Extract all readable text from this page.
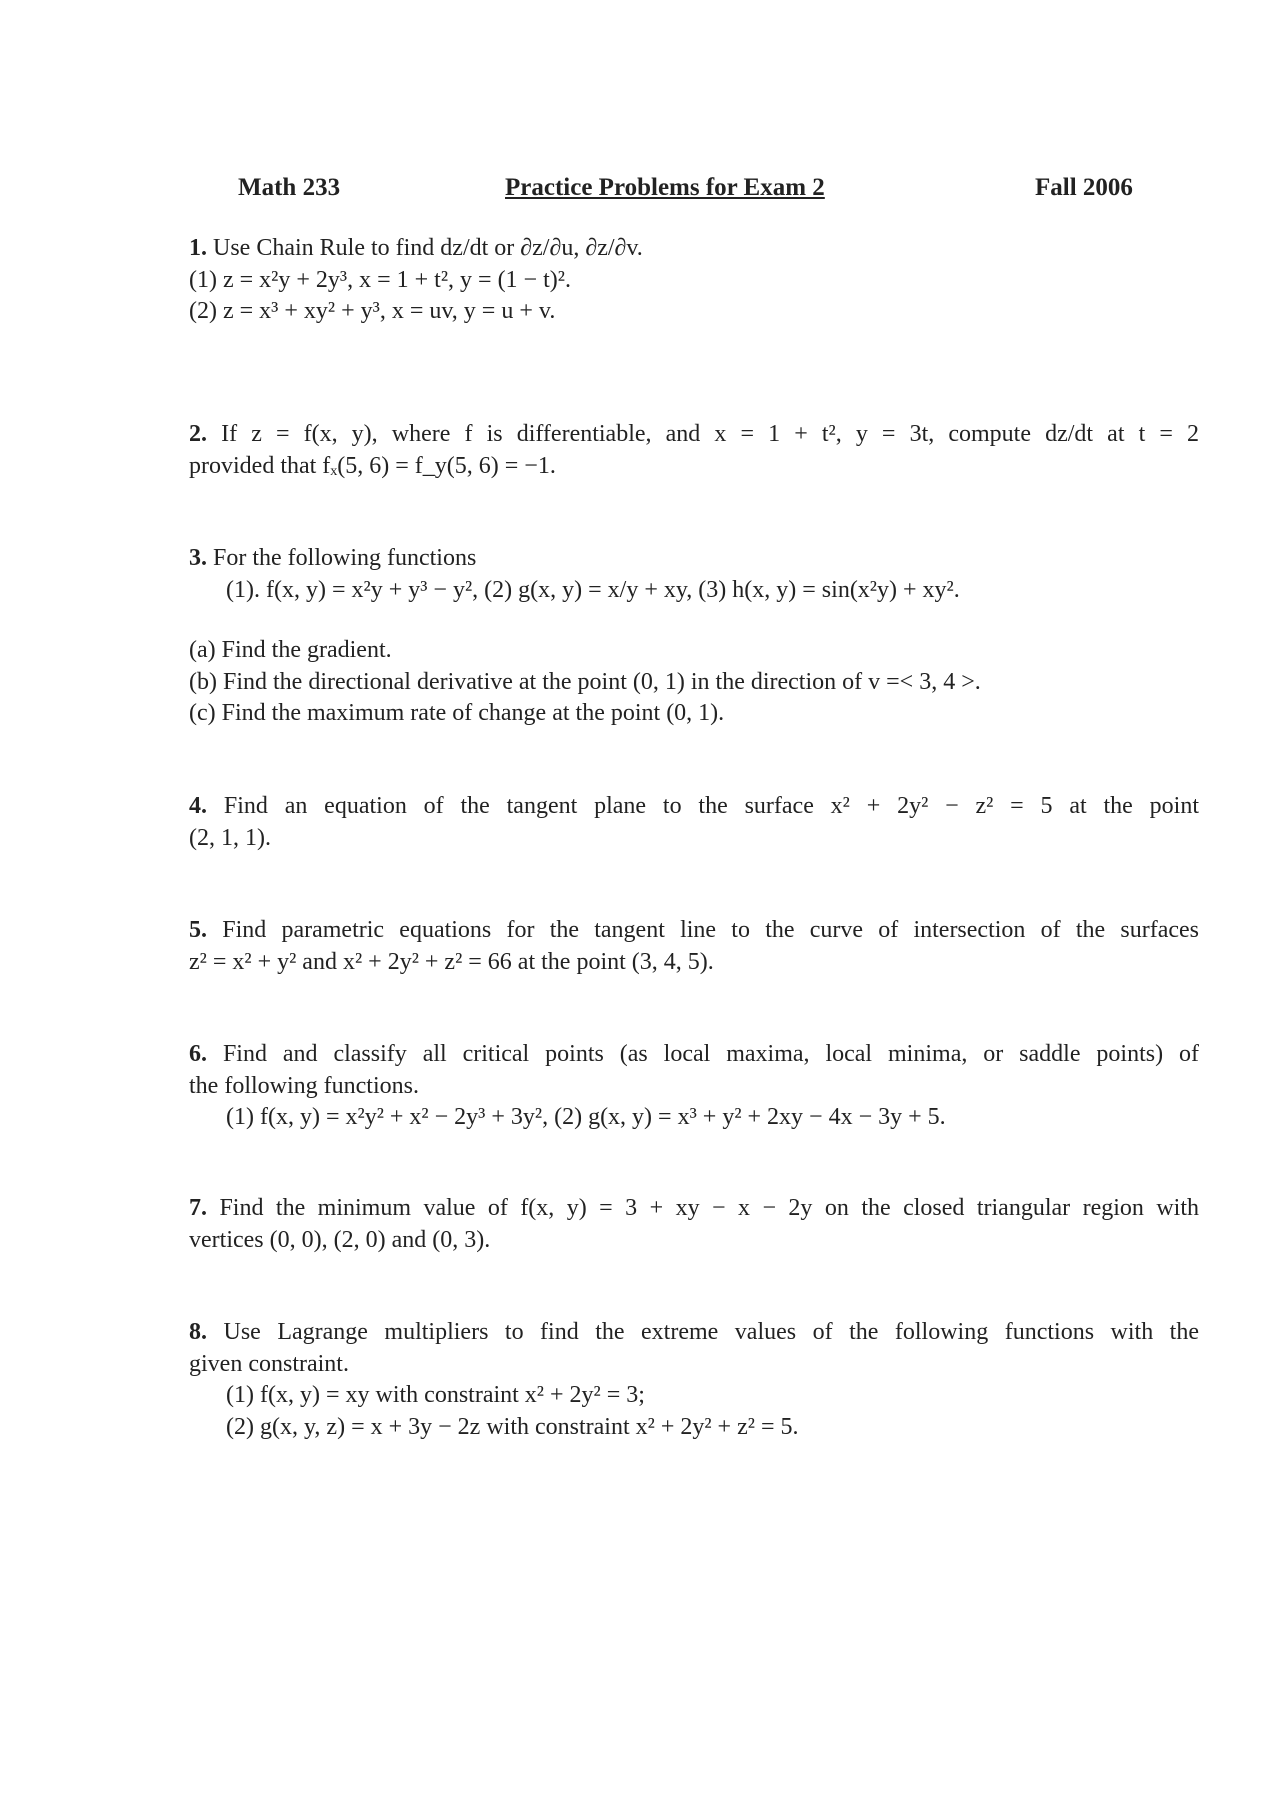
Math 233	Practice Problems for Exam 2	Fall 2006
1. Use Chain Rule to find dz/dt or ∂z/∂u, ∂z/∂v.
(1) z = x²y + 2y³, x = 1 + t², y = (1 − t)².
(2) z = x³ + xy² + y³, x = uv, y = u + v.
2. If z = f(x, y), where f is differentiable, and x = 1 + t², y = 3t, compute dz/dt at t = 2
provided that fₓ(5, 6) = f_y(5, 6) = −1.
3. For the following functions
(1). f(x, y) = x²y + y³ − y², (2) g(x, y) = x/y + xy, (3) h(x, y) = sin(x²y) + xy².
(a) Find the gradient.
(b) Find the directional derivative at the point (0, 1) in the direction of v =< 3, 4 >.
(c) Find the maximum rate of change at the point (0, 1).
4. Find an equation of the tangent plane to the surface x² + 2y² − z² = 5 at the point
(2, 1, 1).
5. Find parametric equations for the tangent line to the curve of intersection of the surfaces
z² = x² + y² and x² + 2y² + z² = 66 at the point (3, 4, 5).
6. Find and classify all critical points (as local maxima, local minima, or saddle points) of
the following functions.
(1) f(x, y) = x²y² + x² − 2y³ + 3y², (2) g(x, y) = x³ + y² + 2xy − 4x − 3y + 5.
7. Find the minimum value of f(x, y) = 3 + xy − x − 2y on the closed triangular region with
vertices (0, 0), (2, 0) and (0, 3).
8. Use Lagrange multipliers to find the extreme values of the following functions with the
given constraint.
(1) f(x, y) = xy with constraint x² + 2y² = 3;
(2) g(x, y, z) = x + 3y − 2z with constraint x² + 2y² + z² = 5.
